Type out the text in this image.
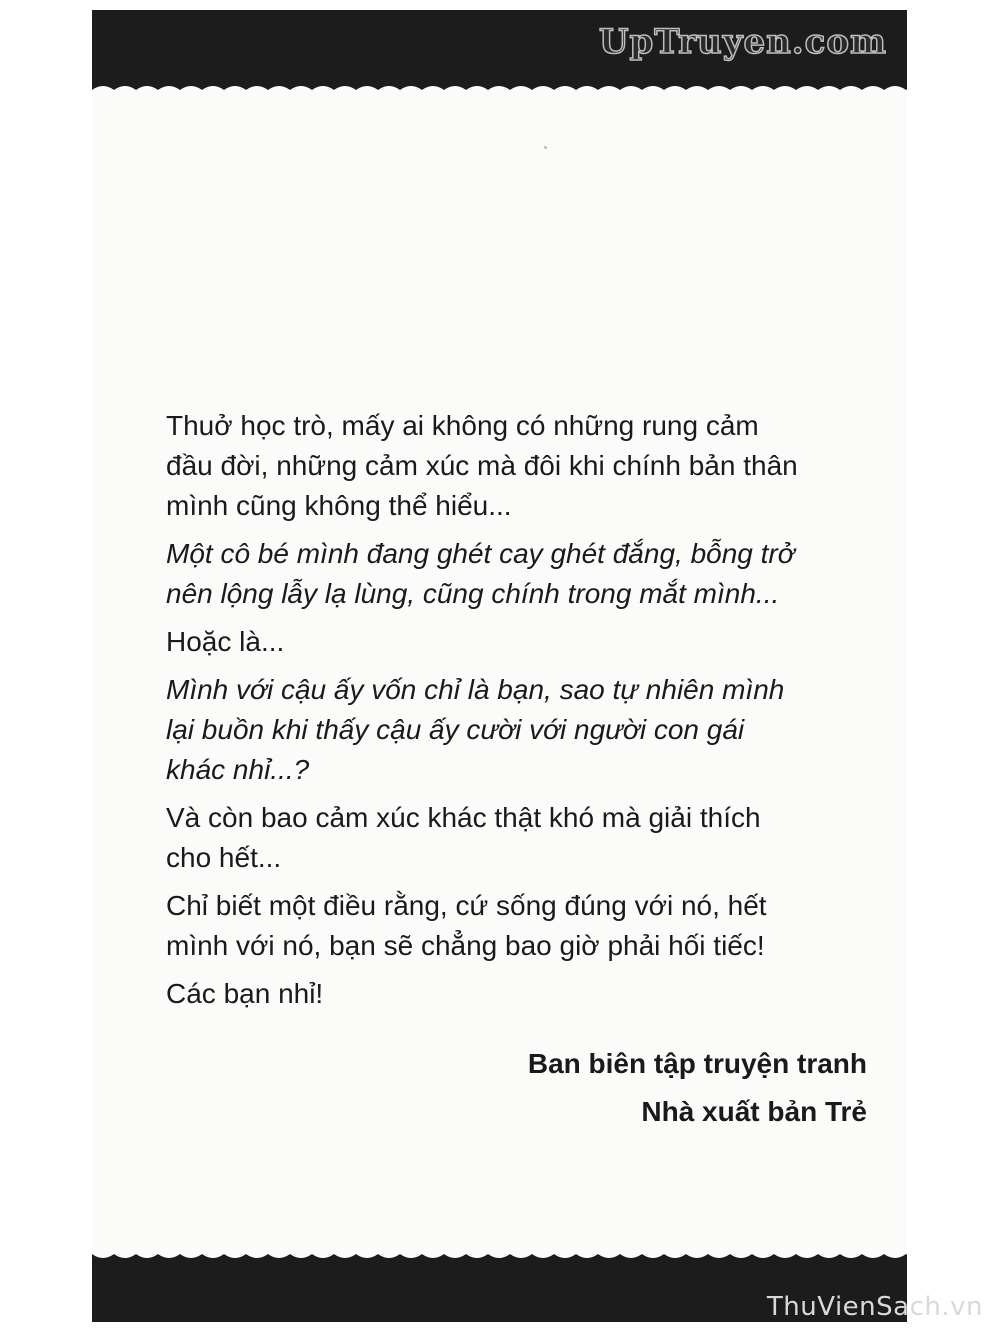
UpTruyen.com

Thuở học trò, mấy ai không có những rung cảm
đầu đời, những cảm xúc mà đôi khi chính bản thân
mình cũng không thể hiểu...

Một cô bé mình đang ghét cay ghét đắng, bỗng trở
nên lộng lẫy lạ lùng, cũng chính trong mắt mình...

Hoặc là...

Mình với cậu ấy vốn chỉ là bạn, sao tự nhiên mình
lại buồn khi thấy cậu ấy cười với người con gái
khác nhỉ...?

Và còn bao cảm xúc khác thật khó mà giải thích
cho hết...

Chỉ biết một điều rằng, cứ sống đúng với nó, hết
mình với nó, bạn sẽ chẳng bao giờ phải hối tiếc!

Các bạn nhỉ!

Ban biên tập truyện tranh
Nhà xuất bản Trẻ
ThuVienSach.vn
